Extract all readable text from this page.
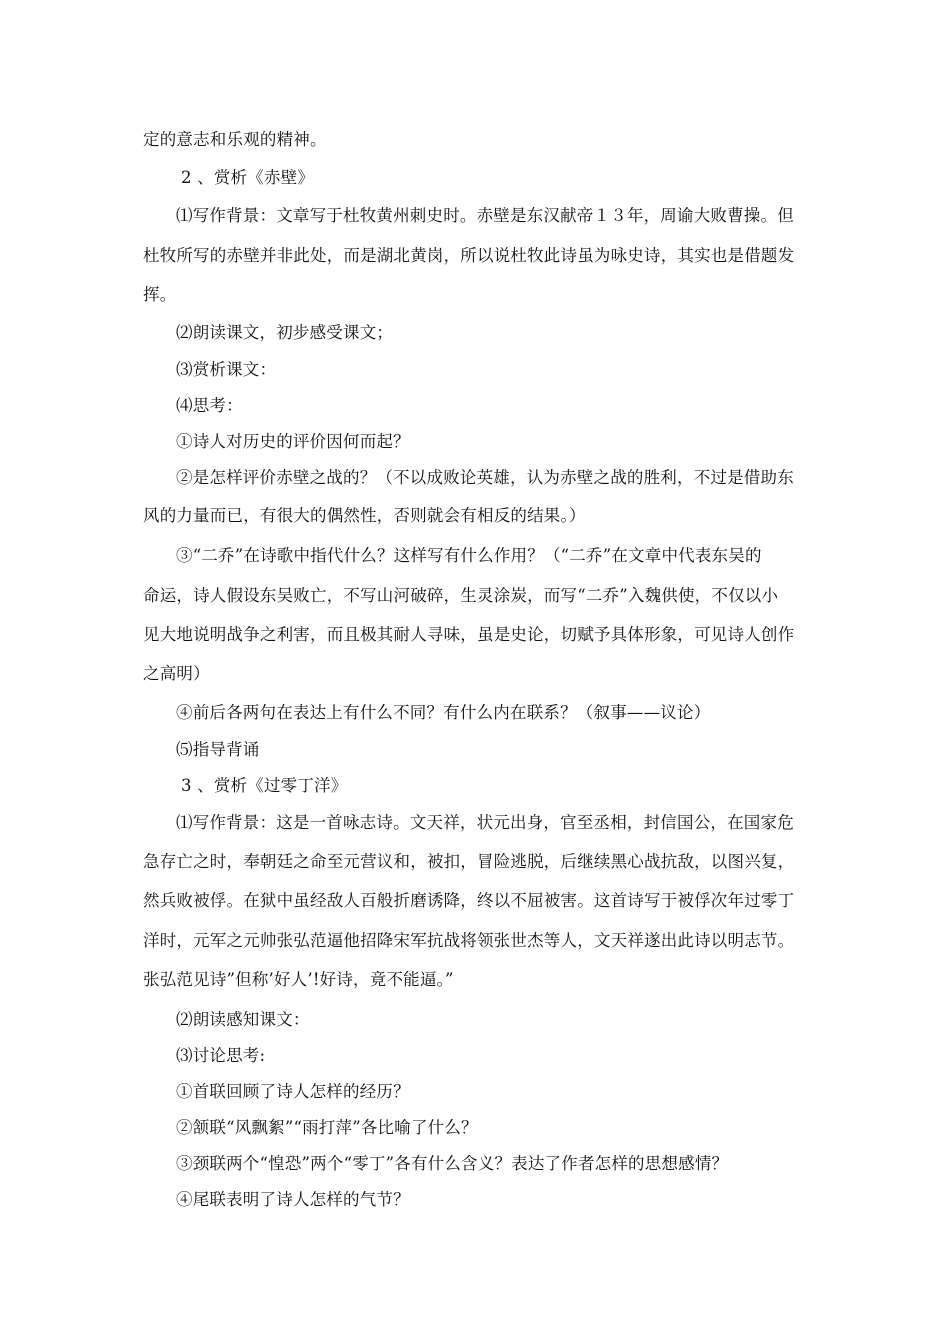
定的意志和乐观的精神。
2 、赏析《赤壁》
⑴写作背景：文章写于杜牧黄州刺史时。赤壁是东汉献帝１３年，周谕大败曹操。但
杜牧所写的赤壁并非此处，而是湖北黄岗，所以说杜牧此诗虽为咏史诗，其实也是借题发
挥。
⑵朗读课文，初步感受课文；
⑶赏析课文：
⑷思考：
①诗人对历史的评价因何而起？
②是怎样评价赤壁之战的？（不以成败论英雄，认为赤壁之战的胜利，不过是借助东
风的力量而已，有很大的偶然性，否则就会有相反的结果。）
③“二乔”在诗歌中指代什么？这样写有什么作用？（“二乔”在文章中代表东吴的
命运，诗人假设东吴败亡，不写山河破碎，生灵涂炭，而写“二乔”入魏供使，不仅以小
见大地说明战争之利害，而且极其耐人寻味，虽是史论，切赋予具体形象，可见诗人创作
之高明）
④前后各两句在表达上有什么不同？有什么内在联系？（叙事——议论）
⑸指导背诵
3 、赏析《过零丁洋》
⑴写作背景：这是一首咏志诗。文天祥，状元出身，官至丞相，封信国公，在国家危
急存亡之时，奉朝廷之命至元营议和，被扣，冒险逃脱，后继续黑心战抗敌，以图兴复，
然兵败被俘。在狱中虽经敌人百般折磨诱降，终以不屈被害。这首诗写于被俘次年过零丁
洋时，元军之元帅张弘范逼他招降宋军抗战将领张世杰等人，文天祥遂出此诗以明志节。
张弘范见诗”但称’好人’!好诗，竟不能逼。”
⑵朗读感知课文：
⑶讨论思考:
①首联回顾了诗人怎样的经历？
②颔联“风飘絮”“雨打萍”各比喻了什么？
③颈联两个“惶恐”两个“零丁”各有什么含义？表达了作者怎样的思想感情？
④尾联表明了诗人怎样的气节？
